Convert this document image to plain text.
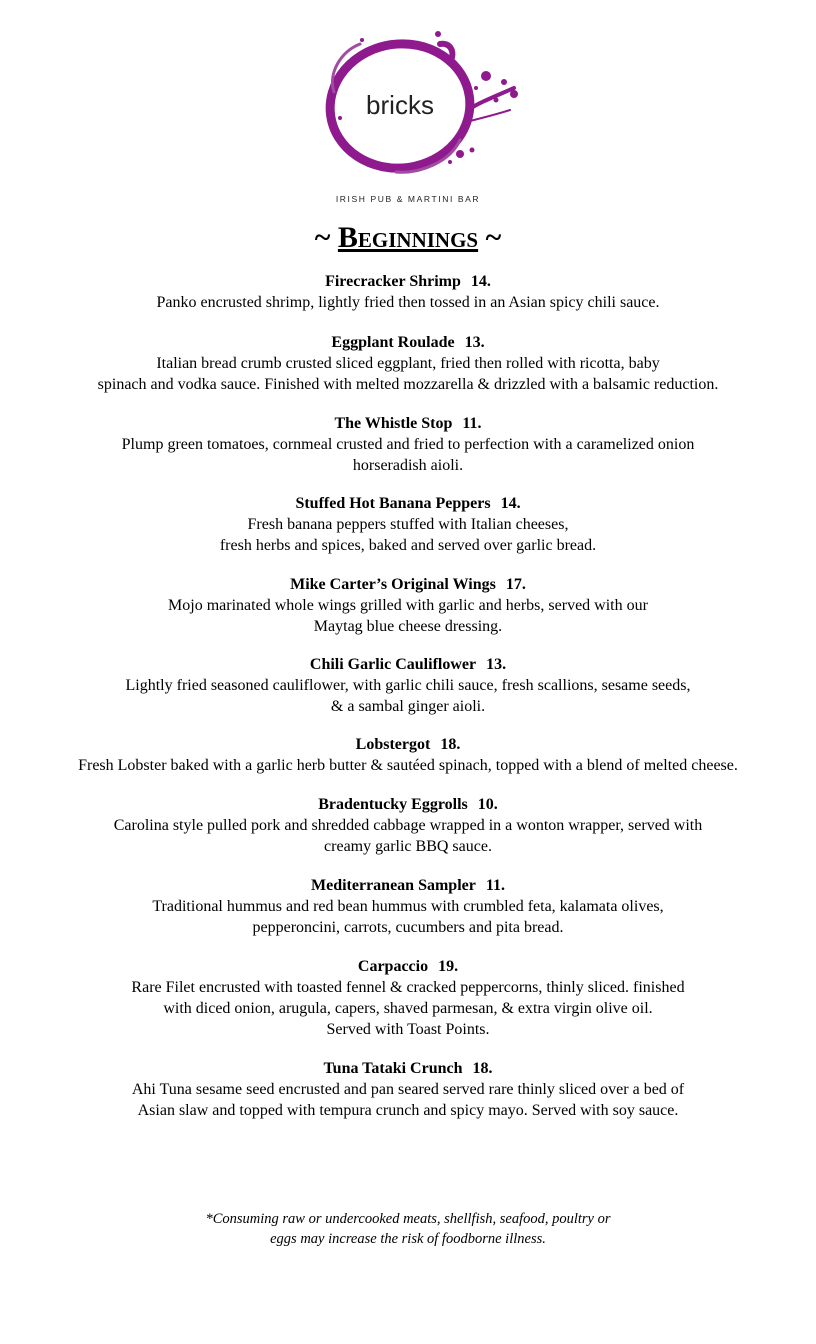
bricks
IRISH PUB & MARTINI BAR
~ Beginnings ~
Firecracker Shrimp 14.
Panko encrusted shrimp, lightly fried then tossed in an Asian spicy chili sauce.
Eggplant Roulade 13.
Italian bread crumb crusted sliced eggplant, fried then rolled with ricotta, baby
spinach and vodka sauce. Finished with melted mozzarella & drizzled with a balsamic reduction.
The Whistle Stop 11.
Plump green tomatoes, cornmeal crusted and fried to perfection with a caramelized onion
horseradish aioli.
Stuffed Hot Banana Peppers 14.
Fresh banana peppers stuffed with Italian cheeses,
fresh herbs and spices, baked and served over garlic bread.
Mike Carter’s Original Wings 17.
Mojo marinated whole wings grilled with garlic and herbs, served with our
Maytag blue cheese dressing.
Chili Garlic Cauliflower 13.
Lightly fried seasoned cauliflower, with garlic chili sauce, fresh scallions, sesame seeds,
& a sambal ginger aioli.
Lobstergot 18.
Fresh Lobster baked with a garlic herb butter & sautéed spinach, topped with a blend of melted cheese.
Bradentucky Eggrolls 10.
Carolina style pulled pork and shredded cabbage wrapped in a wonton wrapper, served with
creamy garlic BBQ sauce.
Mediterranean Sampler 11.
Traditional hummus and red bean hummus with crumbled feta, kalamata olives,
pepperoncini, carrots, cucumbers and pita bread.
Carpaccio 19.
Rare Filet encrusted with toasted fennel & cracked peppercorns, thinly sliced. finished
with diced onion, arugula, capers, shaved parmesan, & extra virgin olive oil.
Served with Toast Points.
Tuna Tataki Crunch 18.
Ahi Tuna sesame seed encrusted and pan seared served rare thinly sliced over a bed of
Asian slaw and topped with tempura crunch and spicy mayo. Served with soy sauce.
*Consuming raw or undercooked meats, shellfish, seafood, poultry or
eggs may increase the risk of foodborne illness.
